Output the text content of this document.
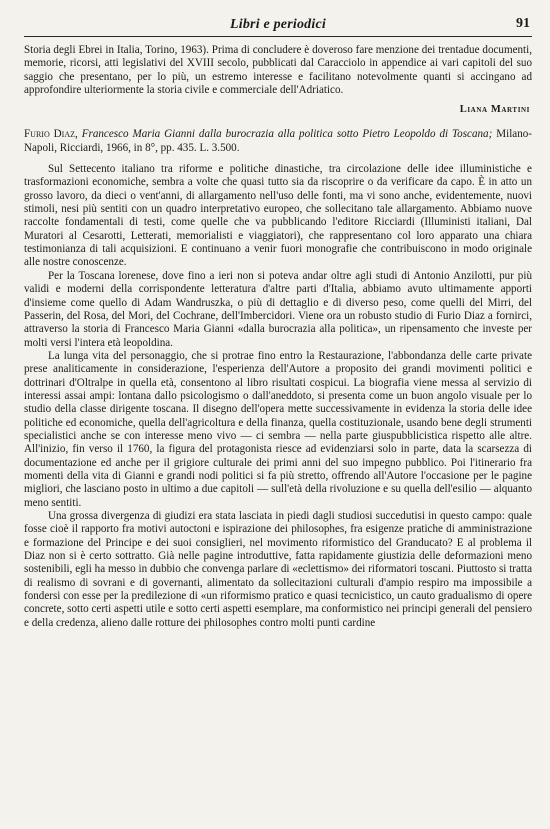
Libri e periodici	91

Storia degli Ebrei in Italia, Torino, 1963). Prima di concludere è doveroso fare menzione dei trentadue documenti, memorie, ricorsi, atti legislativi del XVIII secolo, pubblicati dal Caracciolo in appendice ai vari capitoli del suo saggio che presentano, per lo più, un estremo interesse e facilitano notevolmente quanti si accingano ad approfondire ulteriormente la storia civile e commerciale dell'Adriatico.

Liana Martini

Furio Diaz, Francesco Maria Gianni dalla burocrazia alla politica sotto Pietro Leopoldo di Toscana; Milano-Napoli, Ricciardi, 1966, in 8°, pp. 435. L. 3.500.

Sul Settecento italiano tra riforme e politiche dinastiche, tra circolazione delle idee illuministiche e trasformazioni economiche, sembra a volte che quasi tutto sia da riscoprire o da verificare da capo. È in atto un grosso lavoro, da dieci o vent'anni, di allargamento nell'uso delle fonti, ma vi sono anche, evidentemente, nuovi stimoli, nesi più sentiti con un quadro interpretativo europeo, che sollecitano tale allargamento. Abbiamo nuove raccolte fondamentali di testi, come quelle che va pubblicando l'editore Ricciardi (Illuministi italiani, Dal Muratori al Cesarotti, Letterati, memorialisti e viaggiatori), che rappresentano col loro apparato una chiara testimonianza di tali acquisizioni. E continuano a venir fuori monografie che contribuiscono in modo originale alle nostre conoscenze.

Per la Toscana lorenese, dove fino a ieri non si poteva andar oltre agli studi di Antonio Anzilotti, pur più validi e moderni della corrispondente letteratura d'altre parti d'Italia, abbiamo avuto ultimamente apporti d'insieme come quello di Adam Wandruszka, o più di dettaglio e di diverso peso, come quelli del Mirri, del Passerin, del Rosa, del Mori, del Cochrane, dell'Imbercidori. Viene ora un robusto studio di Furio Diaz a fornirci, attraverso la storia di Francesco Maria Gianni «dalla burocrazia alla politica», un ripensamento che investe per molti versi l'intera età leopoldina.

La lunga vita del personaggio, che si protrae fino entro la Restaurazione, l'abbondanza delle carte private prese analiticamente in considerazione, l'esperienza dell'Autore a proposito dei grandi movimenti politici e dottrinari d'Oltralpe in quella età, consentono al libro risultati cospicui. La biografia viene messa al servizio di interessi assai ampi: lontana dallo psicologismo o dall'aneddoto, si presenta come un buon angolo visuale per lo studio della classe dirigente toscana. Il disegno dell'opera mette successivamente in evidenza la storia delle idee politiche ed economiche, quella dell'agricoltura e della finanza, quella costituzionale, usando bene degli strumenti specialistici anche se con interesse meno vivo — ci sembra — nella parte giuspubblicistica rispetto alle altre. All'inizio, fin verso il 1760, la figura del protagonista riesce ad evidenziarsi solo in parte, data la scarsezza di documentazione ed anche per il grigiore culturale dei primi anni del suo impegno pubblico. Poi l'itinerario fra momenti della vita di Gianni e grandi nodi politici si fa più stretto, offrendo all'Autore l'occasione per le pagine migliori, che lasciano posto in ultimo a due capitoli — sull'età della rivoluzione e su quella dell'esilio — alquanto meno sentiti.

Una grossa divergenza di giudizi era stata lasciata in piedi dagli studiosi succedutisi in questo campo: quale fosse cioè il rapporto fra motivi autoctoni e ispirazione dei philosophes, fra esigenze pratiche di amministrazione e formazione del Principe e dei suoi consiglieri, nel movimento riformistico del Granducato? E al problema il Diaz non si è certo sottratto. Già nelle pagine introduttive, fatta rapidamente giustizia delle deformazioni meno sostenibili, egli ha messo in dubbio che convenga parlare di «eclettismo» dei riformatori toscani. Piuttosto si tratta di realismo di sovrani e di governanti, alimentato da sollecitazioni culturali d'ampio respiro ma impossibile a fondersi con esse per la predilezione di «un riformismo pratico e quasi tecnicistico, un cauto gradualismo di opere concrete, sotto certi aspetti utile e sotto certi aspetti esemplare, ma conformistico nei principi generali del pensiero e della credenza, alieno dalle rotture dei philosophes contro molti punti cardine
